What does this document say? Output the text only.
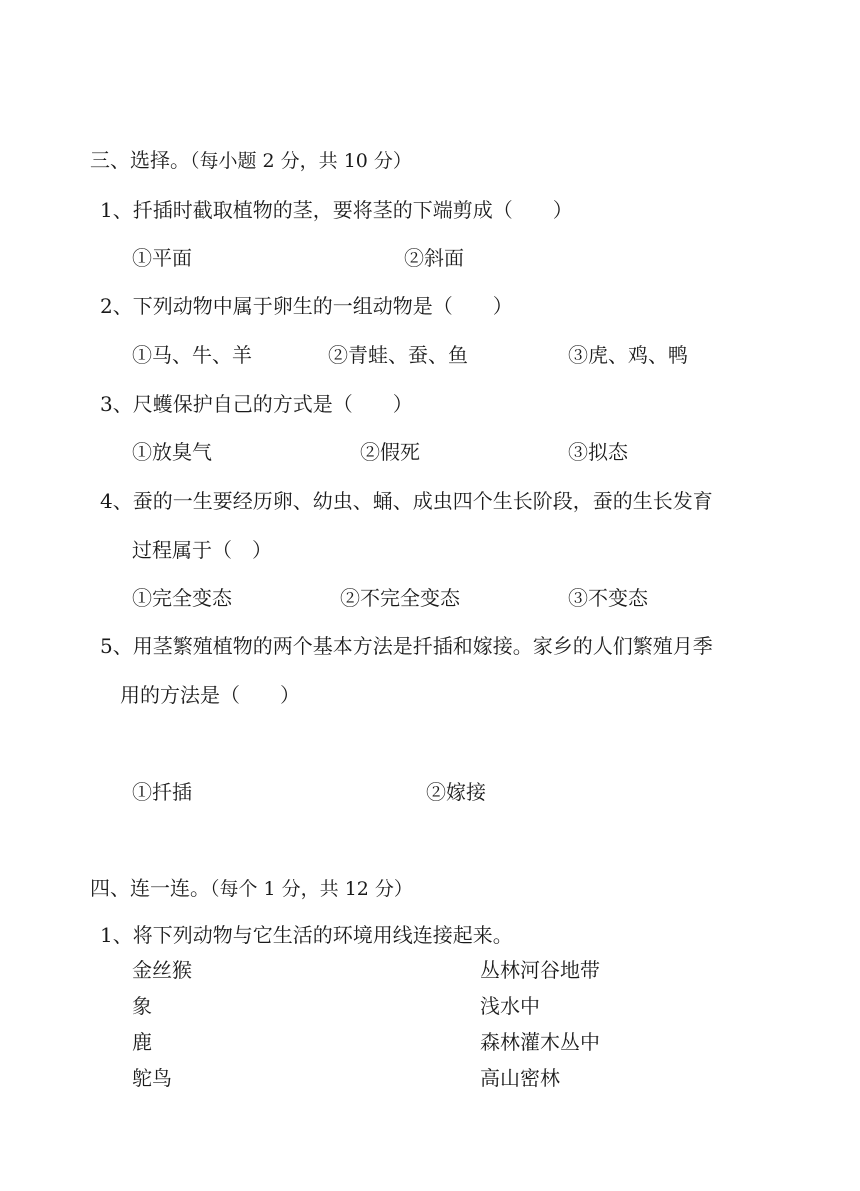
三、选择。（每小题 2 分，共 10 分）
1、扦插时截取植物的茎，要将茎的下端剪成（　　）
①平面	②斜面
2、下列动物中属于卵生的一组动物是（　　）
①马、牛、羊	②青蛙、蚕、鱼	③虎、鸡、鸭
3、尺蠖保护自己的方式是（　　）
①放臭气	②假死	③拟态
4、蚕的一生要经历卵、幼虫、蛹、成虫四个生长阶段，蚕的生长发育
过程属于（　）
①完全变态	②不完全变态	③不变态
5、用茎繁殖植物的两个基本方法是扦插和嫁接。家乡的人们繁殖月季
用的方法是（　　）
①扦插	②嫁接
四、连一连。（每个 1 分，共 12 分）
1、将下列动物与它生活的环境用线连接起来。
金丝猴
象
鹿
鸵鸟
丛林河谷地带
浅水中
森林灌木丛中
高山密林
